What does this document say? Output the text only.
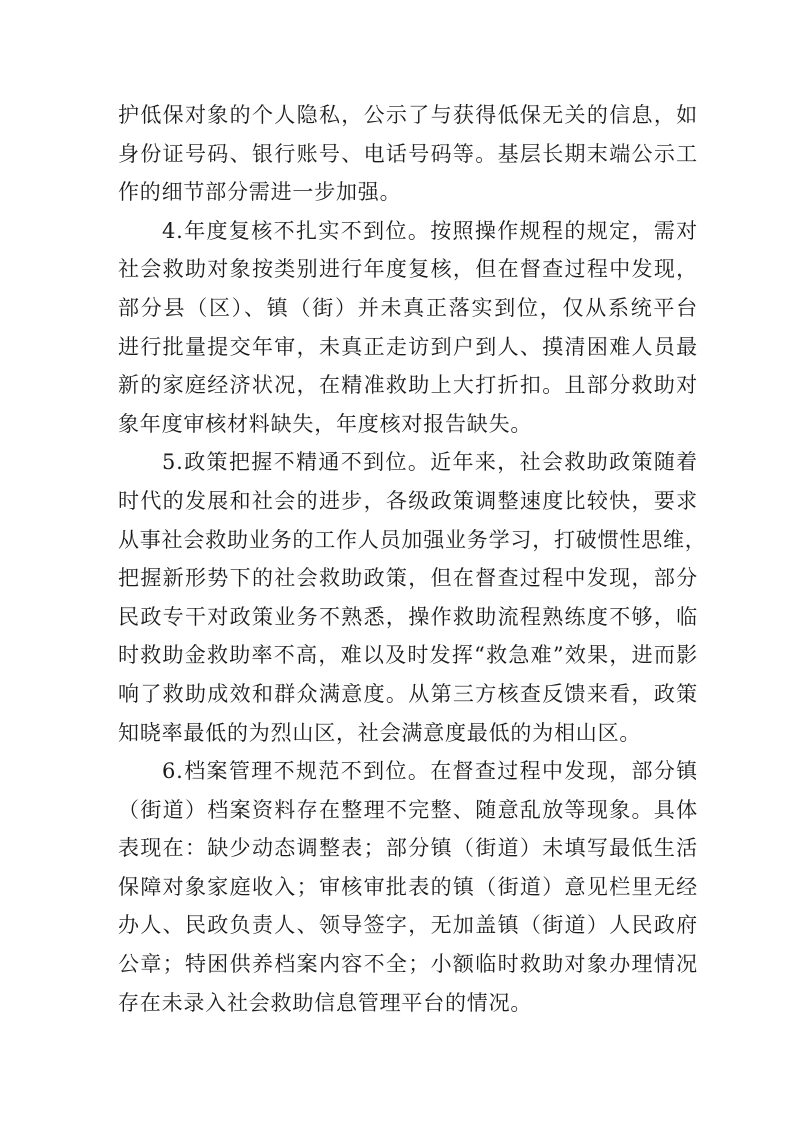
护低保对象的个人隐私，公示了与获得低保无关的信息，如
身份证号码、银行账号、电话号码等。基层长期末端公示工
作的细节部分需进一步加强。
4.年度复核不扎实不到位。按照操作规程的规定，需对
社会救助对象按类别进行年度复核，但在督查过程中发现，
部分县（区）、镇（街）并未真正落实到位，仅从系统平台
进行批量提交年审，未真正走访到户到人、摸清困难人员最
新的家庭经济状况，在精准救助上大打折扣。且部分救助对
象年度审核材料缺失，年度核对报告缺失。
5.政策把握不精通不到位。近年来，社会救助政策随着
时代的发展和社会的进步，各级政策调整速度比较快，要求
从事社会救助业务的工作人员加强业务学习，打破惯性思维，
把握新形势下的社会救助政策，但在督查过程中发现，部分
民政专干对政策业务不熟悉，操作救助流程熟练度不够，临
时救助金救助率不高，难以及时发挥“救急难”效果，进而影
响了救助成效和群众满意度。从第三方核查反馈来看，政策
知晓率最低的为烈山区，社会满意度最低的为相山区。
6.档案管理不规范不到位。在督查过程中发现，部分镇
（街道）档案资料存在整理不完整、随意乱放等现象。具体
表现在：缺少动态调整表；部分镇（街道）未填写最低生活
保障对象家庭收入；审核审批表的镇（街道）意见栏里无经
办人、民政负责人、领导签字，无加盖镇（街道）人民政府
公章；特困供养档案内容不全；小额临时救助对象办理情况
存在未录入社会救助信息管理平台的情况。
